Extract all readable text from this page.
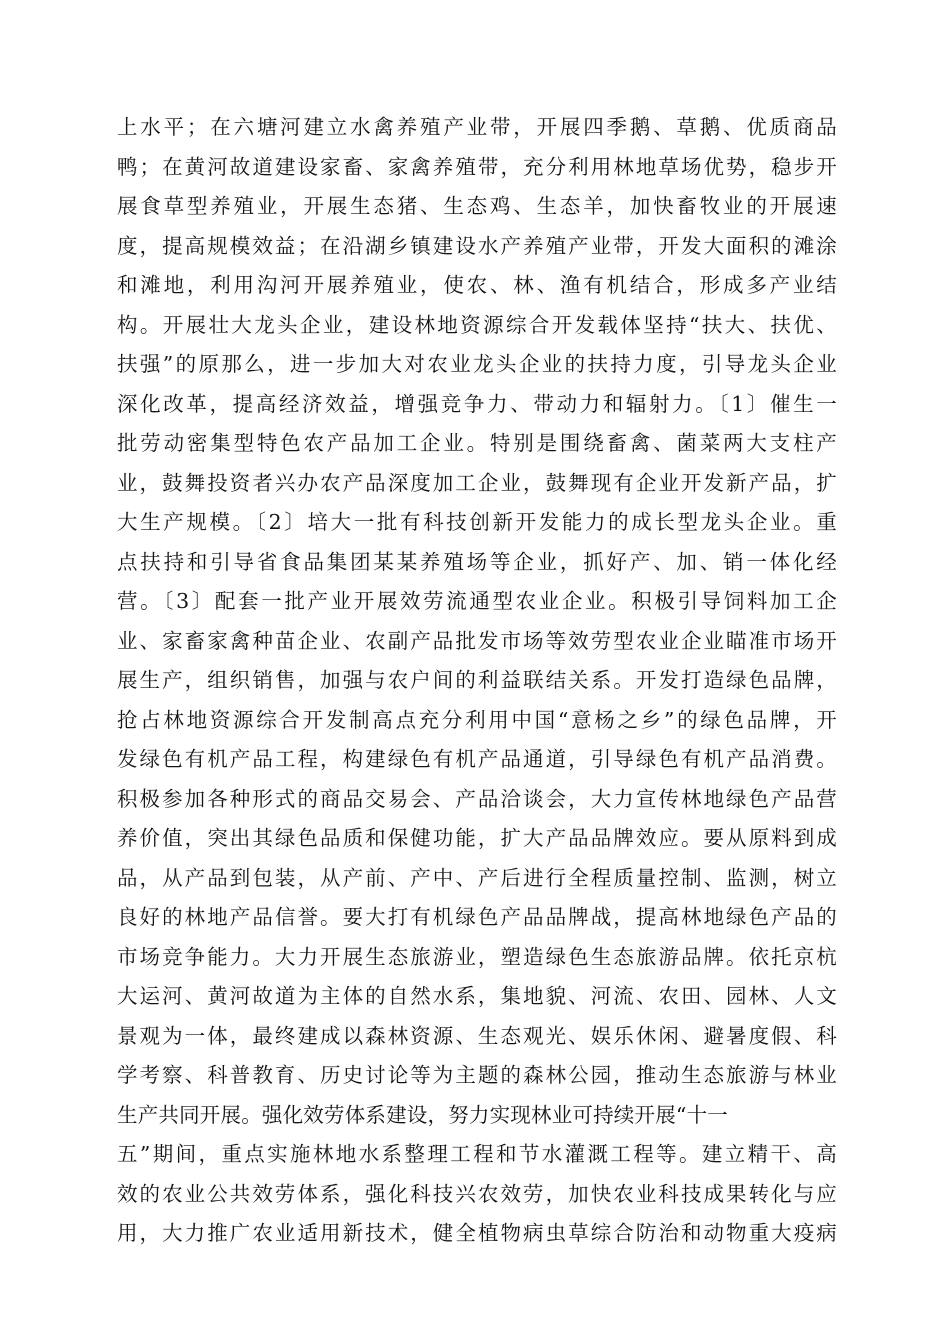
上水平；在六塘河建立水禽养殖产业带，开展四季鹅、草鹅、优质商品
鸭；在黄河故道建设家畜、家禽养殖带，充分利用林地草场优势，稳步开
展食草型养殖业，开展生态猪、生态鸡、生态羊，加快畜牧业的开展速
度，提高规模效益；在沿湖乡镇建设水产养殖产业带，开发大面积的滩涂
和滩地，利用沟河开展养殖业，使农、林、渔有机结合，形成多产业结
构。开展壮大龙头企业，建设林地资源综合开发载体坚持“扶大、扶优、
扶强”的原那么，进一步加大对农业龙头企业的扶持力度，引导龙头企业
深化改革，提高经济效益，增强竞争力、带动力和辐射力。〔1〕催生一
批劳动密集型特色农产品加工企业。特别是围绕畜禽、菌菜两大支柱产
业，鼓舞投资者兴办农产品深度加工企业，鼓舞现有企业开发新产品，扩
大生产规模。〔2〕培大一批有科技创新开发能力的成长型龙头企业。重
点扶持和引导省食品集团某某养殖场等企业，抓好产、加、销一体化经
营。〔3〕配套一批产业开展效劳流通型农业企业。积极引导饲料加工企
业、家畜家禽种苗企业、农副产品批发市场等效劳型农业企业瞄准市场开
展生产，组织销售，加强与农户间的利益联结关系。开发打造绿色品牌，
抢占林地资源综合开发制高点充分利用中国“意杨之乡”的绿色品牌，开
发绿色有机产品工程，构建绿色有机产品通道，引导绿色有机产品消费。
积极参加各种形式的商品交易会、产品洽谈会，大力宣传林地绿色产品营
养价值，突出其绿色品质和保健功能，扩大产品品牌效应。要从原料到成
品，从产品到包装，从产前、产中、产后进行全程质量控制、监测，树立
良好的林地产品信誉。要大打有机绿色产品品牌战，提高林地绿色产品的
市场竞争能力。大力开展生态旅游业，塑造绿色生态旅游品牌。依托京杭
大运河、黄河故道为主体的自然水系，集地貌、河流、农田、园林、人文
景观为一体，最终建成以森林资源、生态观光、娱乐休闲、避暑度假、科
学考察、科普教育、历史讨论等为主题的森林公园，推动生态旅游与林业
生产共同开展。强化效劳体系建设，努力实现林业可持续开展“十一
五”期间，重点实施林地水系整理工程和节水灌溉工程等。建立精干、高
效的农业公共效劳体系，强化科技兴农效劳，加快农业科技成果转化与应
用，大力推广农业适用新技术，健全植物病虫草综合防治和动物重大疫病
